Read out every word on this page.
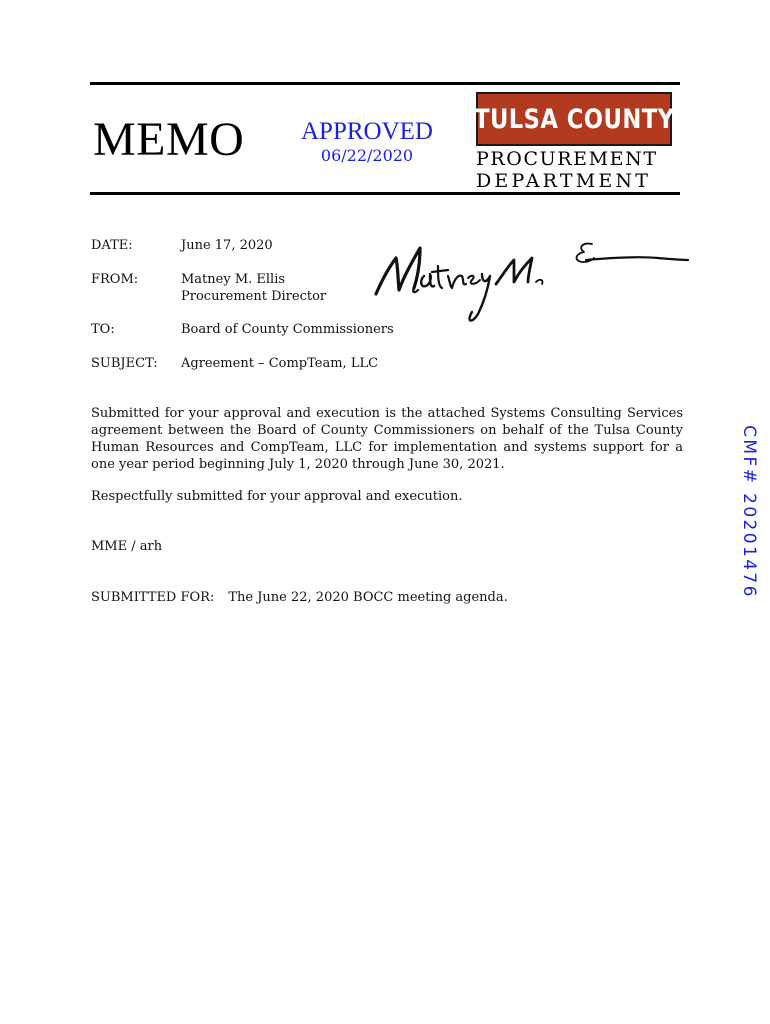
MEMO APPROVED
06/22/2020
TULSA COUNTY
PROCUREMENT
DEPARTMENT
DATE:	June 17, 2020
FROM:	Matney M. Ellis
Procurement Director
TO:	Board of County Commissioners
SUBJECT: Agreement – CompTeam, LLC
Submitted for your approval and execution is the attached Systems Consulting Services agreement between the Board of County Commissioners on behalf of the Tulsa County Human Resources and CompTeam, LLC for implementation and systems support for a one year period beginning July 1, 2020 through June 30, 2021.
Respectfully submitted for your approval and execution.
MME / arh
SUBMITTED FOR: The June 22, 2020 BOCC meeting agenda.	CMF# 20201476
